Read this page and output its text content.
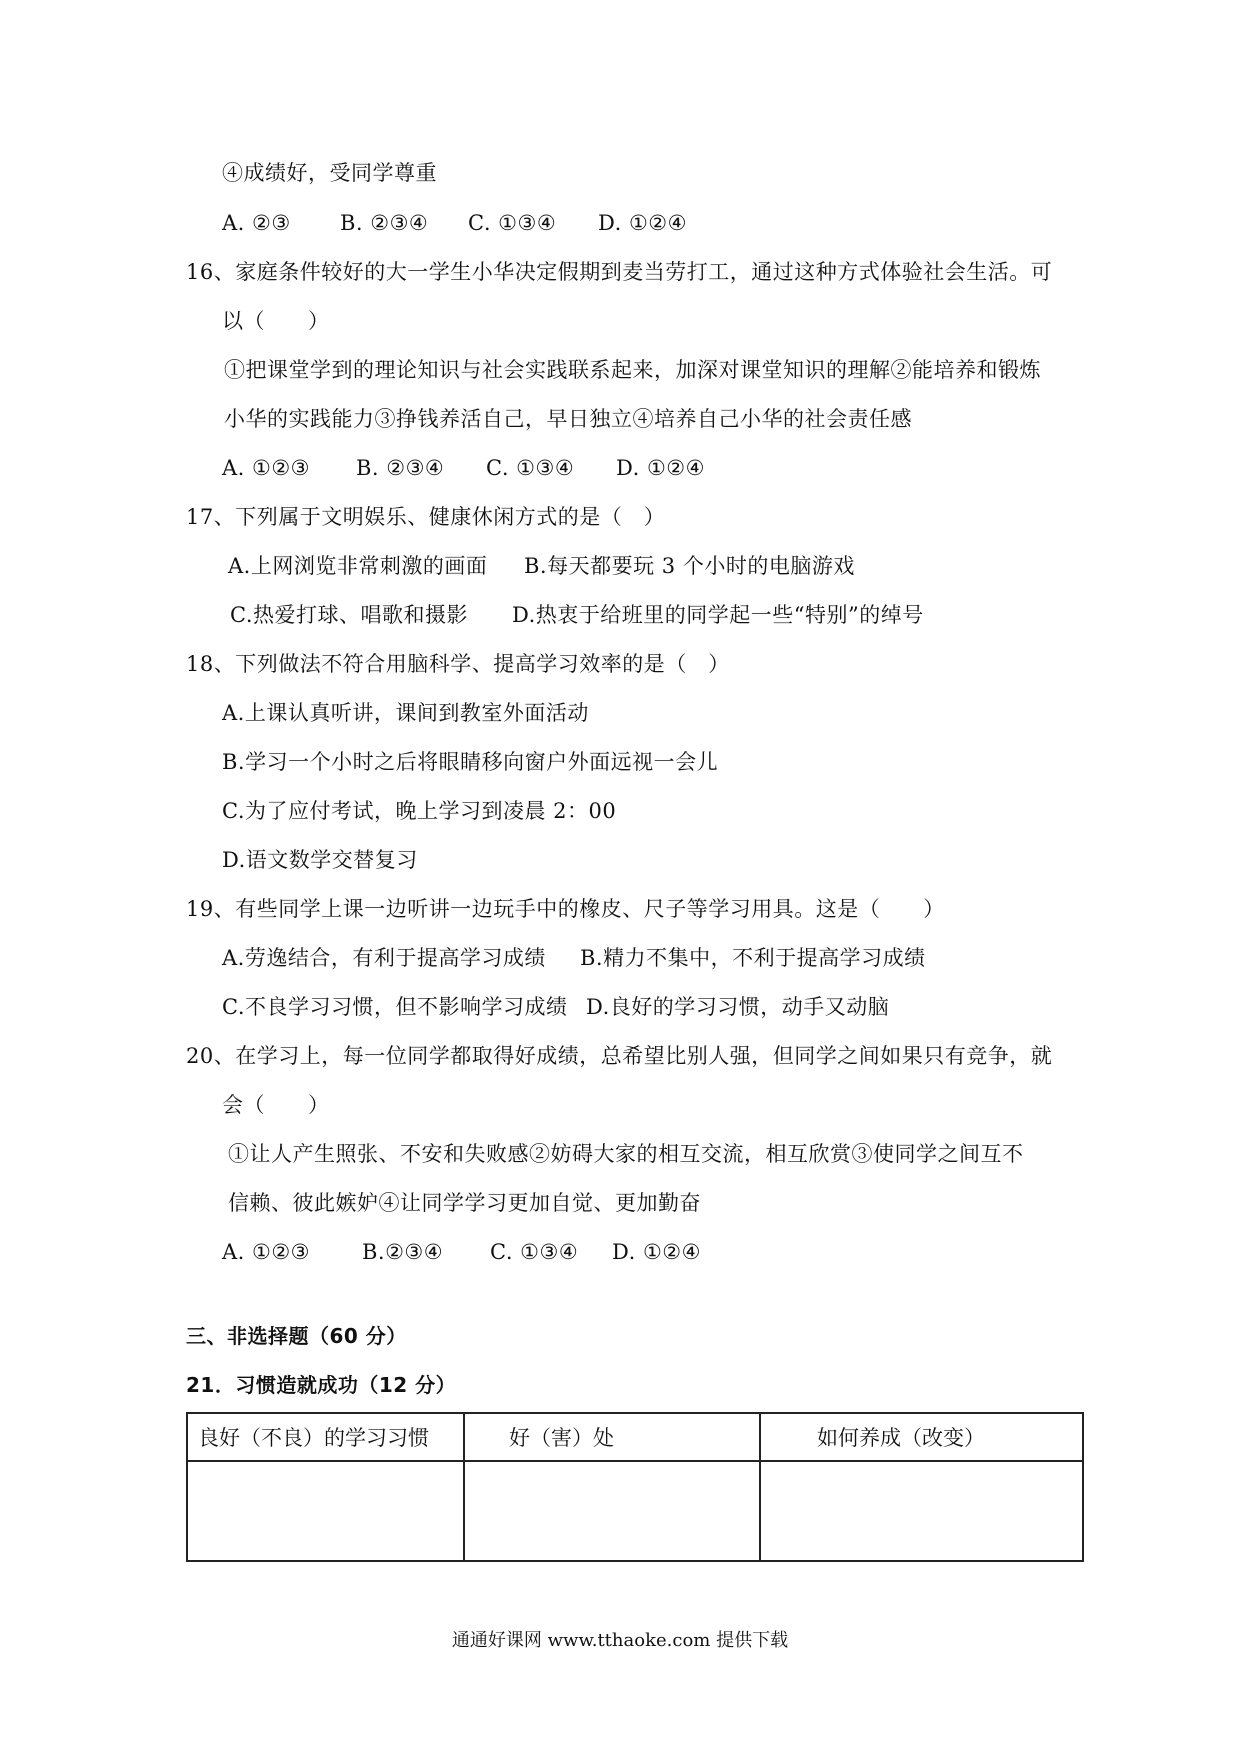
④成绩好，受同学尊重
A. ②③ B. ②③④ C. ①③④ D. ①②④
16、家庭条件较好的大一学生小华决定假期到麦当劳打工，通过这种方式体验社会生活。可
以（　　）
①把课堂学到的理论知识与社会实践联系起来，加深对课堂知识的理解②能培养和锻炼
小华的实践能力③挣钱养活自己，早日独立④培养自己小华的社会责任感
A. ①②③ B. ②③④ C. ①③④ D. ①②④
17、下列属于文明娱乐、健康休闲方式的是（　）
A.上网浏览非常刺激的画面 B.每天都要玩 3 个小时的电脑游戏
C.热爱打球、唱歌和摄影 D.热衷于给班里的同学起一些“特别”的绰号
18、下列做法不符合用脑科学、提高学习效率的是（　）
A.上课认真听讲，课间到教室外面活动
B.学习一个小时之后将眼睛移向窗户外面远视一会儿
C.为了应付考试，晚上学习到凌晨 2：00
D.语文数学交替复习
19、有些同学上课一边听讲一边玩手中的橡皮、尺子等学习用具。这是（　　）
A.劳逸结合，有利于提高学习成绩 B.精力不集中，不利于提高学习成绩
C.不良学习习惯，但不影响学习成绩 D.良好的学习习惯，动手又动脑
20、在学习上，每一位同学都取得好成绩，总希望比别人强，但同学之间如果只有竞争，就
会（　　）
①让人产生照张、不安和失败感②妨碍大家的相互交流，相互欣赏③使同学之间互不
信赖、彼此嫉妒④让同学学习更加自觉、更加勤奋
A. ①②③ B.②③④ C. ①③④ D. ①②④
三、非选择题（60 分）
21．习惯造就成功（12 分）
良好（不良）的学习习惯	好（害）处	如何养成（改变）

通通好课网 www.tthaoke.com 提供下载
